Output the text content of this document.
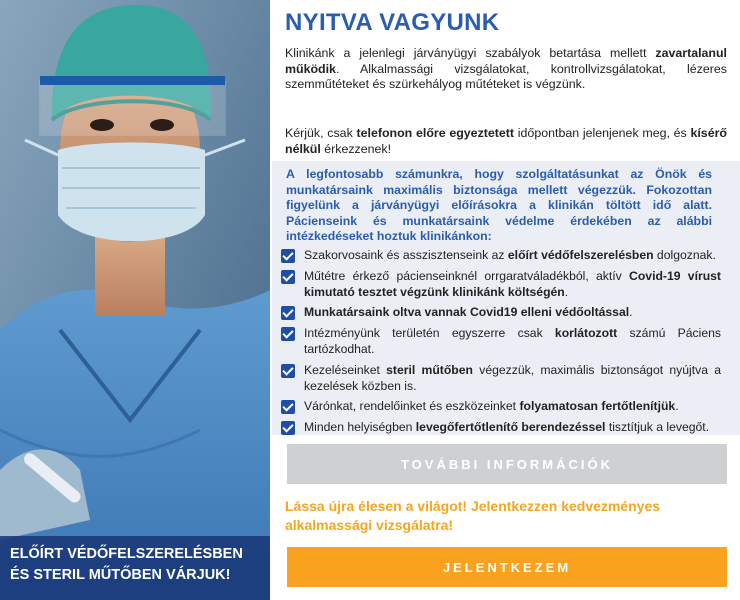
ELŐÍRT VÉDŐFELSZERELÉSBEN
ÉS STERIL MŰTŐBEN VÁRJUK!
NYITVA VAGYUNK
Klinikánk a jelenlegi járványügyi szabályok betartása mellett zavartalanul működik. Alkalmassági vizsgálatokat, kontrollvizsgálatokat, lézeres szemműtéteket és szürkehályog műtéteket is végzünk.
Kérjük, csak telefonon előre egyeztetett időpontban jelenjenek meg, és kísérő nélkül érkezzenek!
A legfontosabb számunkra, hogy szolgáltatásunkat az Önök és munkatársaink maximális biztonsága mellett végezzük. Fokozottan figyelünk a járványügyi előírásokra a klinikán töltött idő alatt. Pácienseink és munkatársaink védelme érdekében az alábbi intézkedéseket hoztuk klinikánkon:
Szakorvosaink és asszisztenseink az előírt védőfelszerelésben dolgoznak.
Műtétre érkező pácienseinknél orrgaratváladékból, aktív Covid-19 vírust kimutató tesztet végzünk klinikánk költségén.
Munkatársaink oltva vannak Covid19 elleni védőoltással.
Intézményünk területén egyszerre csak korlátozott számú Páciens tartózkodhat.
Kezeléseinket steril műtőben végezzük, maximális biztonságot nyújtva a kezelések közben is.
Várónkat, rendelőinket és eszközeinket folyamatosan fertőtlenítjük.
Minden helyiségben levegőfertőtlenítő berendezéssel tisztítjuk a levegőt.
TOVÁBBI INFORMÁCIÓK
Lássa újra élesen a világot! Jelentkezzen kedvezményes alkalmassági vizsgálatra!
JELENTKEZEM
